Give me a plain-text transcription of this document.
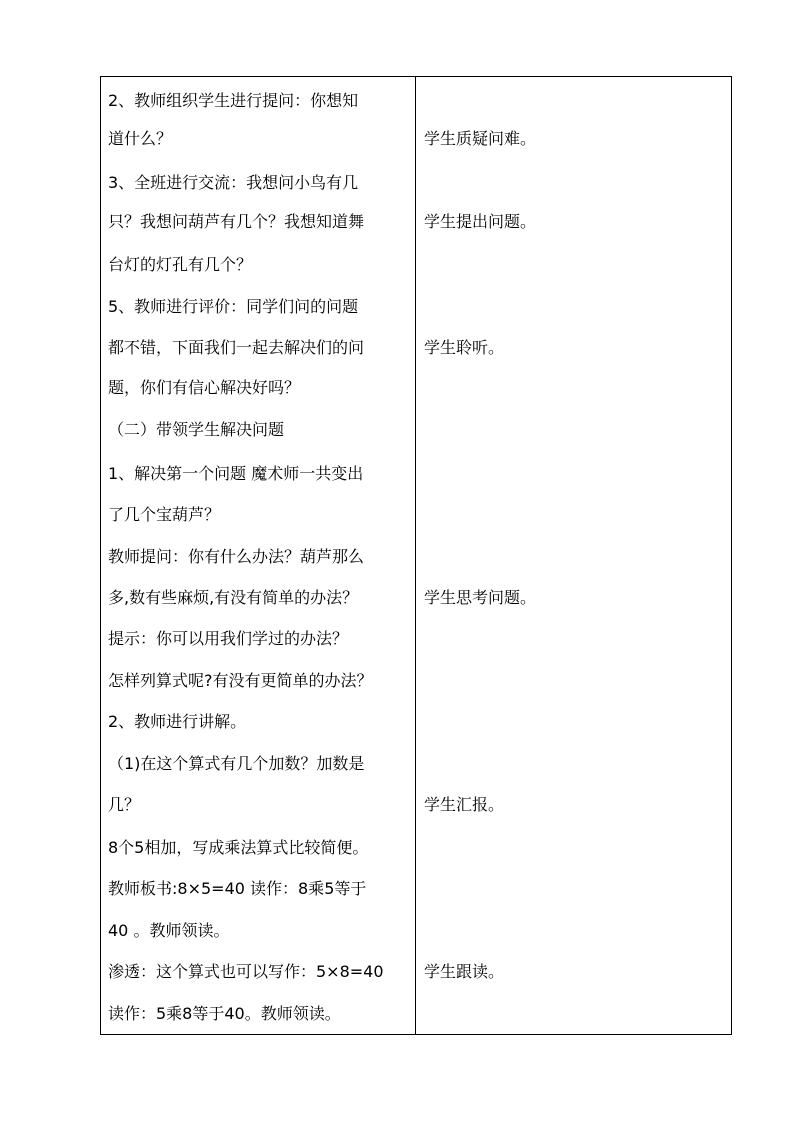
2、教师组织学生进行提问：你想知
道什么？
3、全班进行交流：我想问小鸟有几
只？我想问葫芦有几个？我想知道舞
台灯的灯孔有几个？
5、教师进行评价：同学们问的问题
都不错，下面我们一起去解决们的问
题，你们有信心解决好吗？
（二）带领学生解决问题
1、解决第一个问题 魔术师一共变出
了几个宝葫芦？
教师提问：你有什么办法？葫芦那么
多,数有些麻烦,有没有简单的办法？
提示：你可以用我们学过的办法？
怎样列算式呢?有没有更简单的办法？
2、教师进行讲解。
（1)在这个算式有几个加数？加数是
几？
8个5相加，写成乘法算式比较简便。
教师板书:8×5=40 读作：8乘5等于
40 。教师领读。
渗透：这个算式也可以写作：5×8=40
读作：5乘8等于40。教师领读。
学生质疑问难。
学生提出问题。
学生聆听。
学生思考问题。
学生汇报。
学生跟读。
